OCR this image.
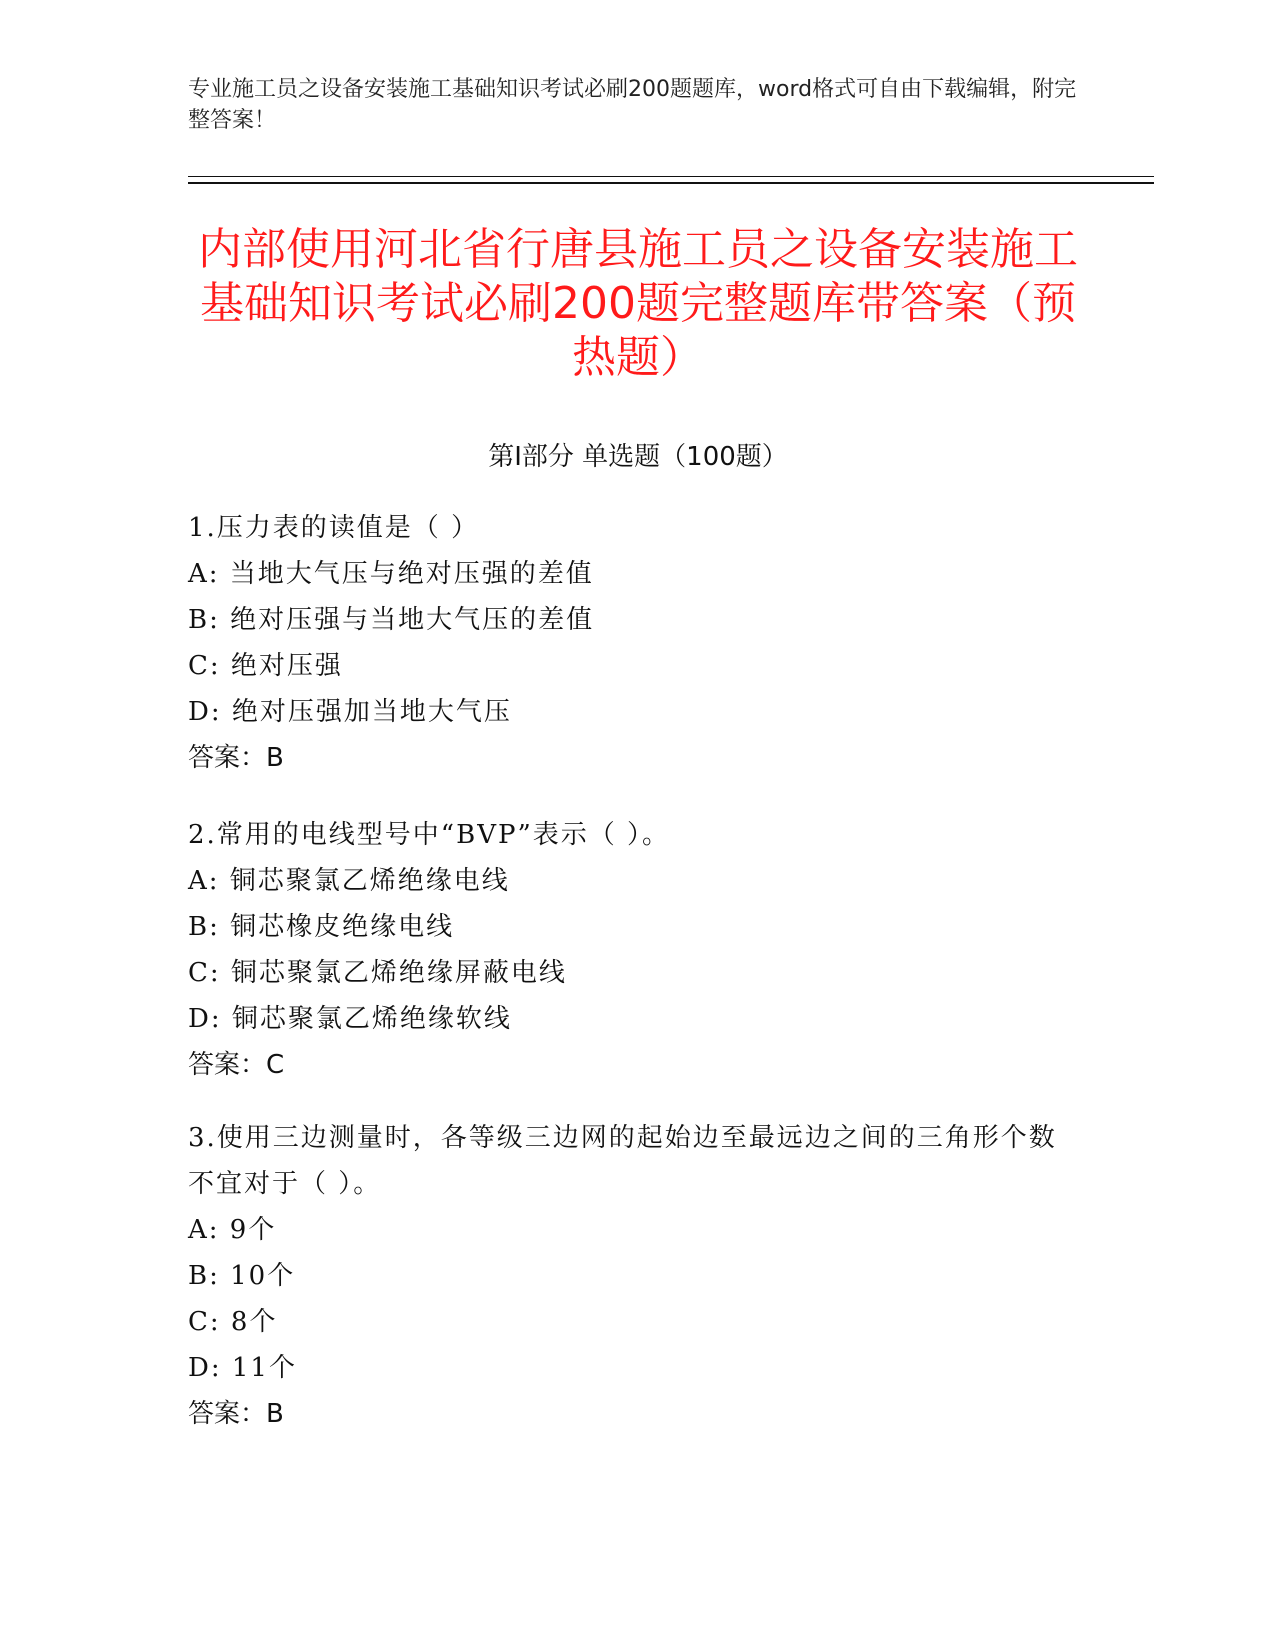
专业施工员之设备安装施工基础知识考试必刷200题题库，word格式可自由下载编辑，附完整答案！
内部使用河北省行唐县施工员之设备安装施工基础知识考试必刷200题完整题库带答案（预热题）
第Ⅰ部分 单选题（100题）
1.压力表的读值是（ ）
A: 当地大气压与绝对压强的差值
B: 绝对压强与当地大气压的差值
C: 绝对压强
D: 绝对压强加当地大气压
答案：B
2.常用的电线型号中“BVP”表示（ ）。
A: 铜芯聚氯乙烯绝缘电线
B: 铜芯橡皮绝缘电线
C: 铜芯聚氯乙烯绝缘屏蔽电线
D: 铜芯聚氯乙烯绝缘软线
答案：C
3.使用三边测量时，各等级三边网的起始边至最远边之间的三角形个数不宜对于（ ）。
A: 9个
B: 10个
C: 8个
D: 11个
答案：B
